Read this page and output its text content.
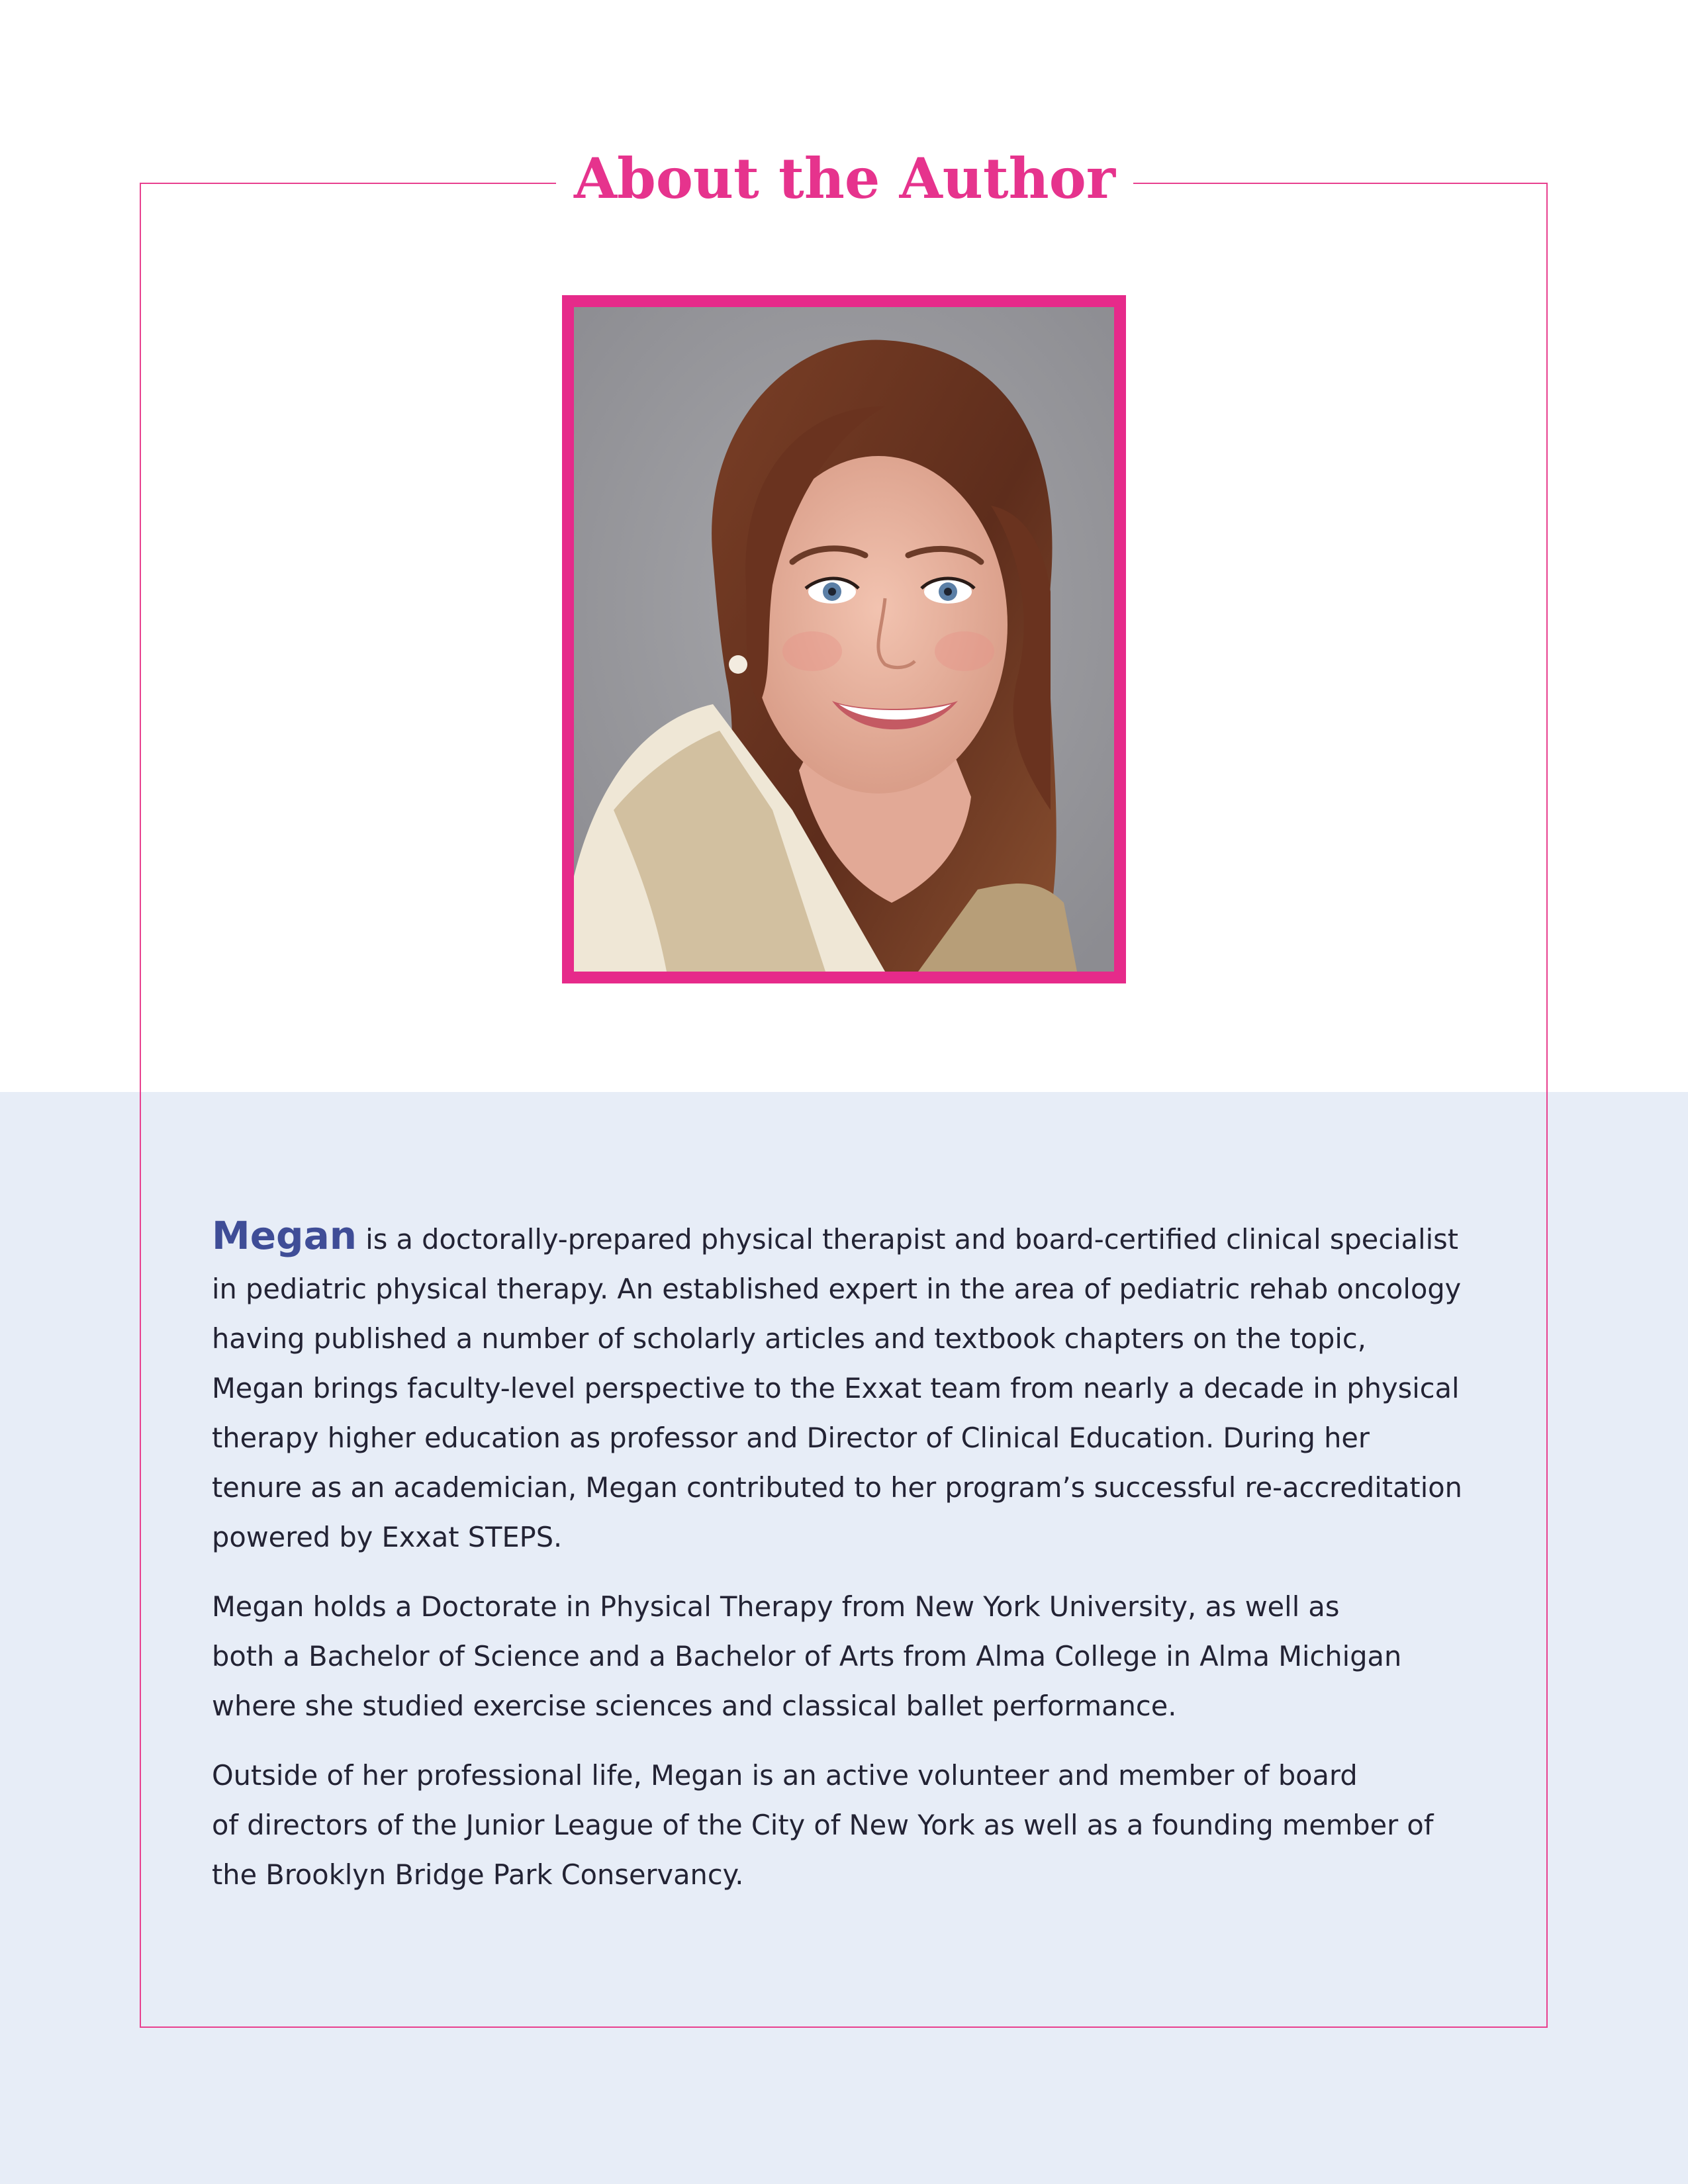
About the Author

Megan is a doctorally-prepared physical therapist and board-certified clinical specialist
in pediatric physical therapy. An established expert in the area of pediatric rehab oncology
having published a number of scholarly articles and textbook chapters on the topic,
Megan brings faculty-level perspective to the Exxat team from nearly a decade in physical
therapy higher education as professor and Director of Clinical Education. During her
tenure as an academician, Megan contributed to her program’s successful re-accreditation
powered by Exxat STEPS.

Megan holds a Doctorate in Physical Therapy from New York University, as well as
both a Bachelor of Science and a Bachelor of Arts from Alma College in Alma Michigan
where she studied exercise sciences and classical ballet performance.

Outside of her professional life, Megan is an active volunteer and member of board
of directors of the Junior League of the City of New York as well as a founding member of
the Brooklyn Bridge Park Conservancy.
